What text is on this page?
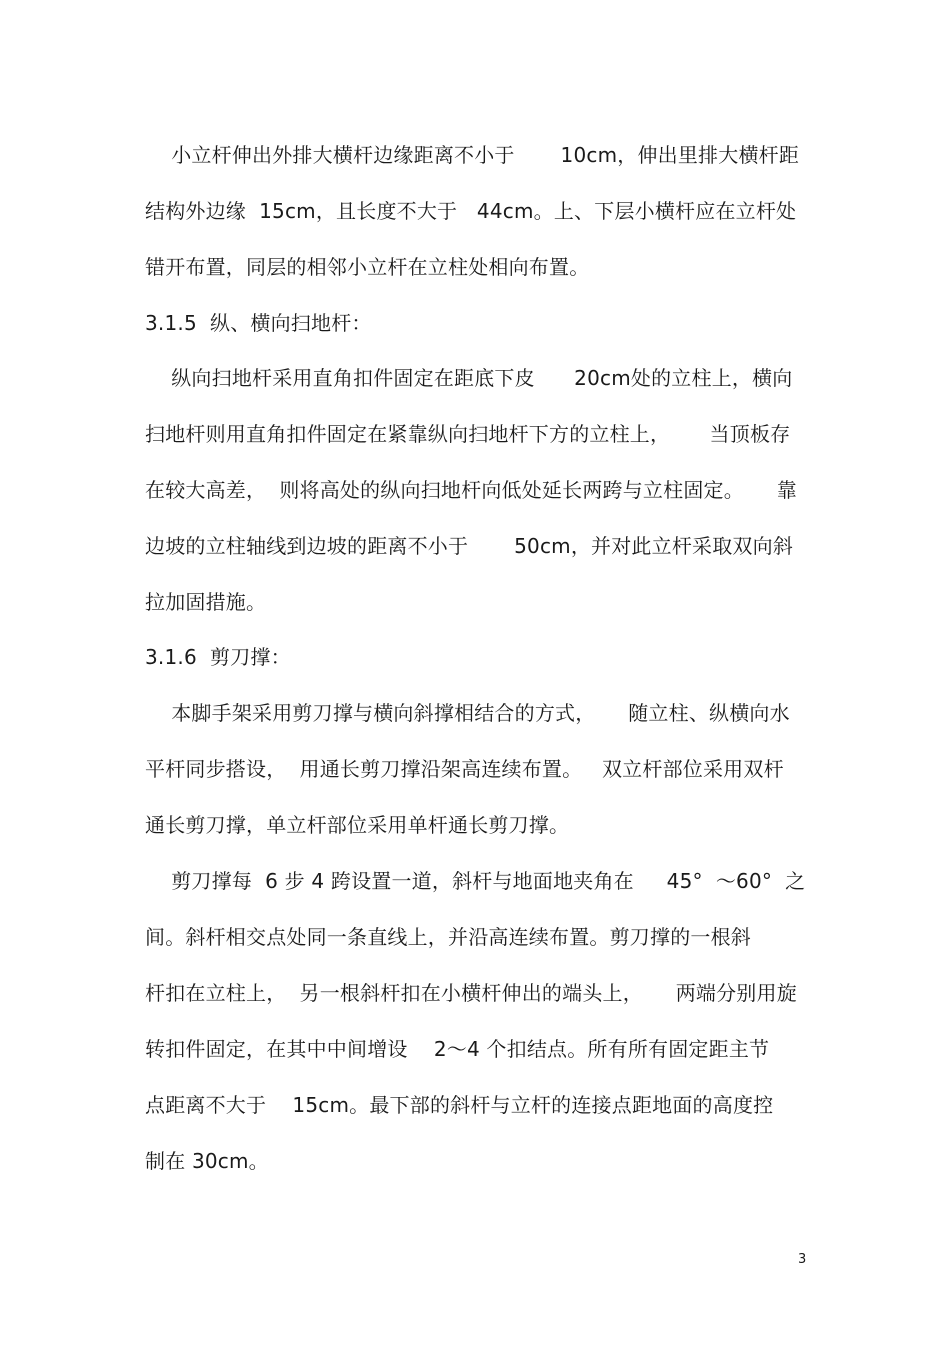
小立杆伸出外排大横杆边缘距离不小于       10cm，伸出里排大横杆距
结构外边缘  15cm，且长度不大于   44cm。上、下层小横杆应在立杆处
错开布置，同层的相邻小立杆在立柱处相向布置。
3.1.5  纵、横向扫地杆：
纵向扫地杆采用直角扣件固定在距底下皮      20cm处的立柱上，横向
扫地杆则用直角扣件固定在紧靠纵向扫地杆下方的立柱上，      当顶板存
在较大高差，  则将高处的纵向扫地杆向低处延长两跨与立柱固定。     靠
边坡的立柱轴线到边坡的距离不小于       50cm，并对此立杆采取双向斜
拉加固措施。
3.1.6  剪刀撑：
本脚手架采用剪刀撑与横向斜撑相结合的方式，     随立柱、纵横向水
平杆同步搭设，  用通长剪刀撑沿架高连续布置。   双立杆部位采用双杆
通长剪刀撑，单立杆部位采用单杆通长剪刀撑。
剪刀撑每  6 步 4 跨设置一道，斜杆与地面地夹角在     45°  ～60°  之
间。斜杆相交点处同一条直线上，并沿高连续布置。剪刀撑的一根斜
杆扣在立柱上，  另一根斜杆扣在小横杆伸出的端头上，     两端分别用旋
转扣件固定，在其中中间增设    2～4 个扣结点。所有所有固定距主节
点距离不大于    15cm。最下部的斜杆与立杆的连接点距地面的高度控
制在 30cm。
3
